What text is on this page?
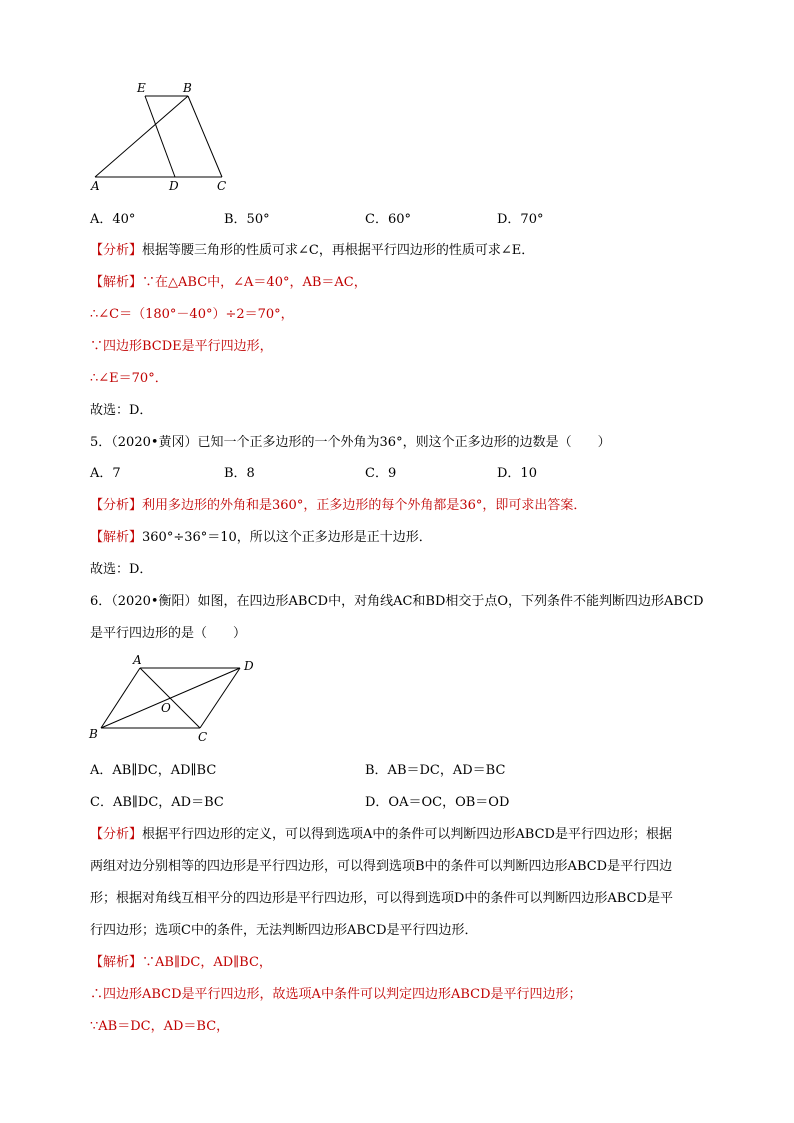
E	B
A	D	C
A	D
O
B	C
A．40°	B．50°	C．60°	D．70°
【分析】根据等腰三角形的性质可求∠C，再根据平行四边形的性质可求∠E．
【解析】∵在△ABC中，∠A＝40°，AB＝AC，
∴∠C＝（180°－40°）÷2＝70°，
∵四边形BCDE是平行四边形，
∴∠E＝70°．
故选：D．
5．（2020•黄冈）已知一个正多边形的一个外角为36°，则这个正多边形的边数是（　　）
A．7	B．8	C．9	D．10
【分析】利用多边形的外角和是360°，正多边形的每个外角都是36°，即可求出答案．
【解析】360°÷36°＝10，所以这个正多边形是正十边形．
故选：D．
6．（2020•衡阳）如图，在四边形ABCD中，对角线AC和BD相交于点O，下列条件不能判断四边形ABCD
是平行四边形的是（　　）
A．AB∥DC，AD∥BC	B．AB＝DC，AD＝BC
C．AB∥DC，AD＝BC	D．OA＝OC，OB＝OD
【分析】根据平行四边形的定义，可以得到选项A中的条件可以判断四边形ABCD是平行四边形；根据
两组对边分别相等的四边形是平行四边形，可以得到选项B中的条件可以判断四边形ABCD是平行四边
形；根据对角线互相平分的四边形是平行四边形，可以得到选项D中的条件可以判断四边形ABCD是平
行四边形；选项C中的条件，无法判断四边形ABCD是平行四边形．
【解析】∵AB∥DC，AD∥BC，
∴四边形ABCD是平行四边形，故选项A中条件可以判定四边形ABCD是平行四边形；
∵AB＝DC，AD＝BC，
